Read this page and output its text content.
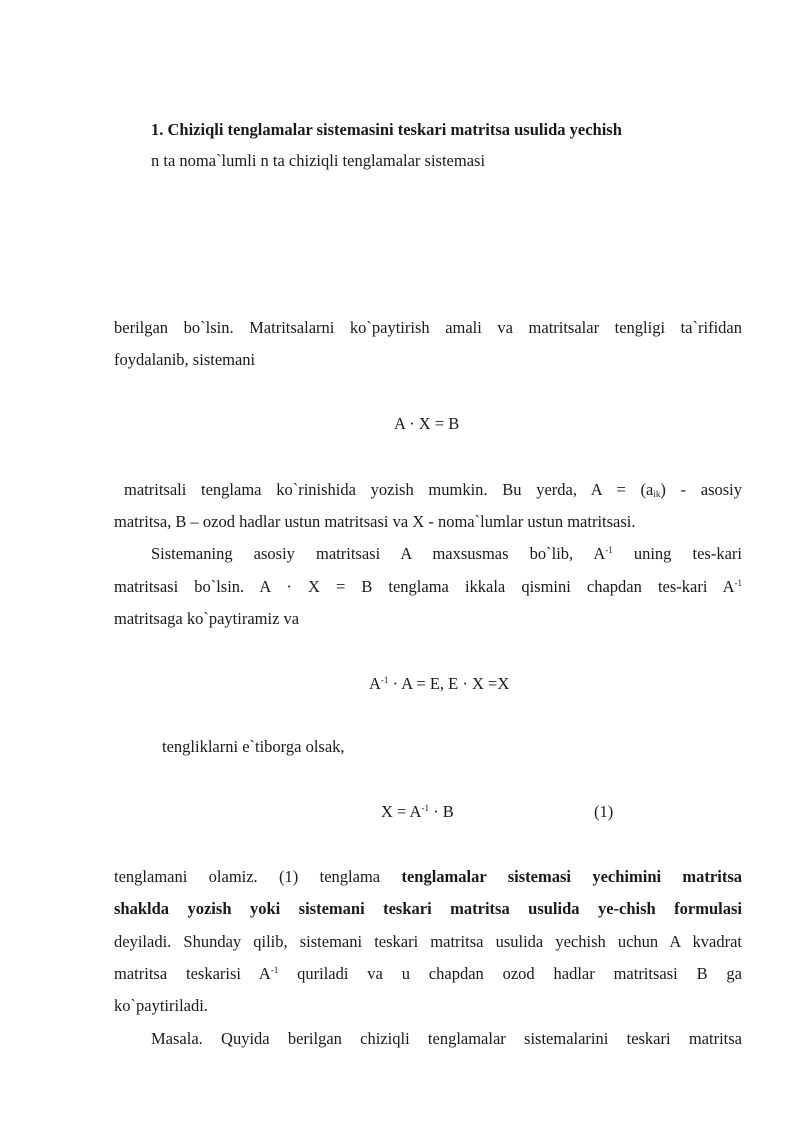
1. Chiziqli tenglamalar sistemasini teskari matritsa usulida yechish
n ta noma`lumli n ta chiziqli tenglamalar sistemasi
berilgan bo`lsin. Matritsalarni ko`paytirish amali va matritsalar tengligi ta`rifidan
foydalanib, sistemani
A · X = B
matritsali tenglama ko`rinishida yozish mumkin. Bu yerda, $A = (a_{ik})$ - asosiy
matritsa, B – ozod hadlar ustun matritsasi va X - noma`lumlar ustun matritsasi.
Sistemaning asosiy matritsasi A maxsusmas bo`lib, $A^{-1}$ uning tes-kari
matritsasi bo`lsin. A · X = B tenglama ikkala qismini chapdan tes-kari $A^{-1}$
matritsaga ko`paytiramiz va
$A^{-1} \cdot A = E$, E · X =X
tengliklarni e`tiborga olsak,
$X = A^{-1} \cdot B$	(1)
tenglamani olamiz. (1) tenglama tenglamalar sistemasi yechimini matritsa
shakldа yozish yoki sistemani teskari matritsa usulida ye-chish formulasi
deyiladi. Shunday qilib, sistemani teskari matritsa usulida yechish uchun A kvadrat
matritsa teskarisi $A^{-1}$ quriladi va u chapdan ozod hadlar matritsasi B ga
ko`paytiriladi.
Masala. Quyida berilgan chiziqli tenglamalar sistemalarini teskari matritsa
